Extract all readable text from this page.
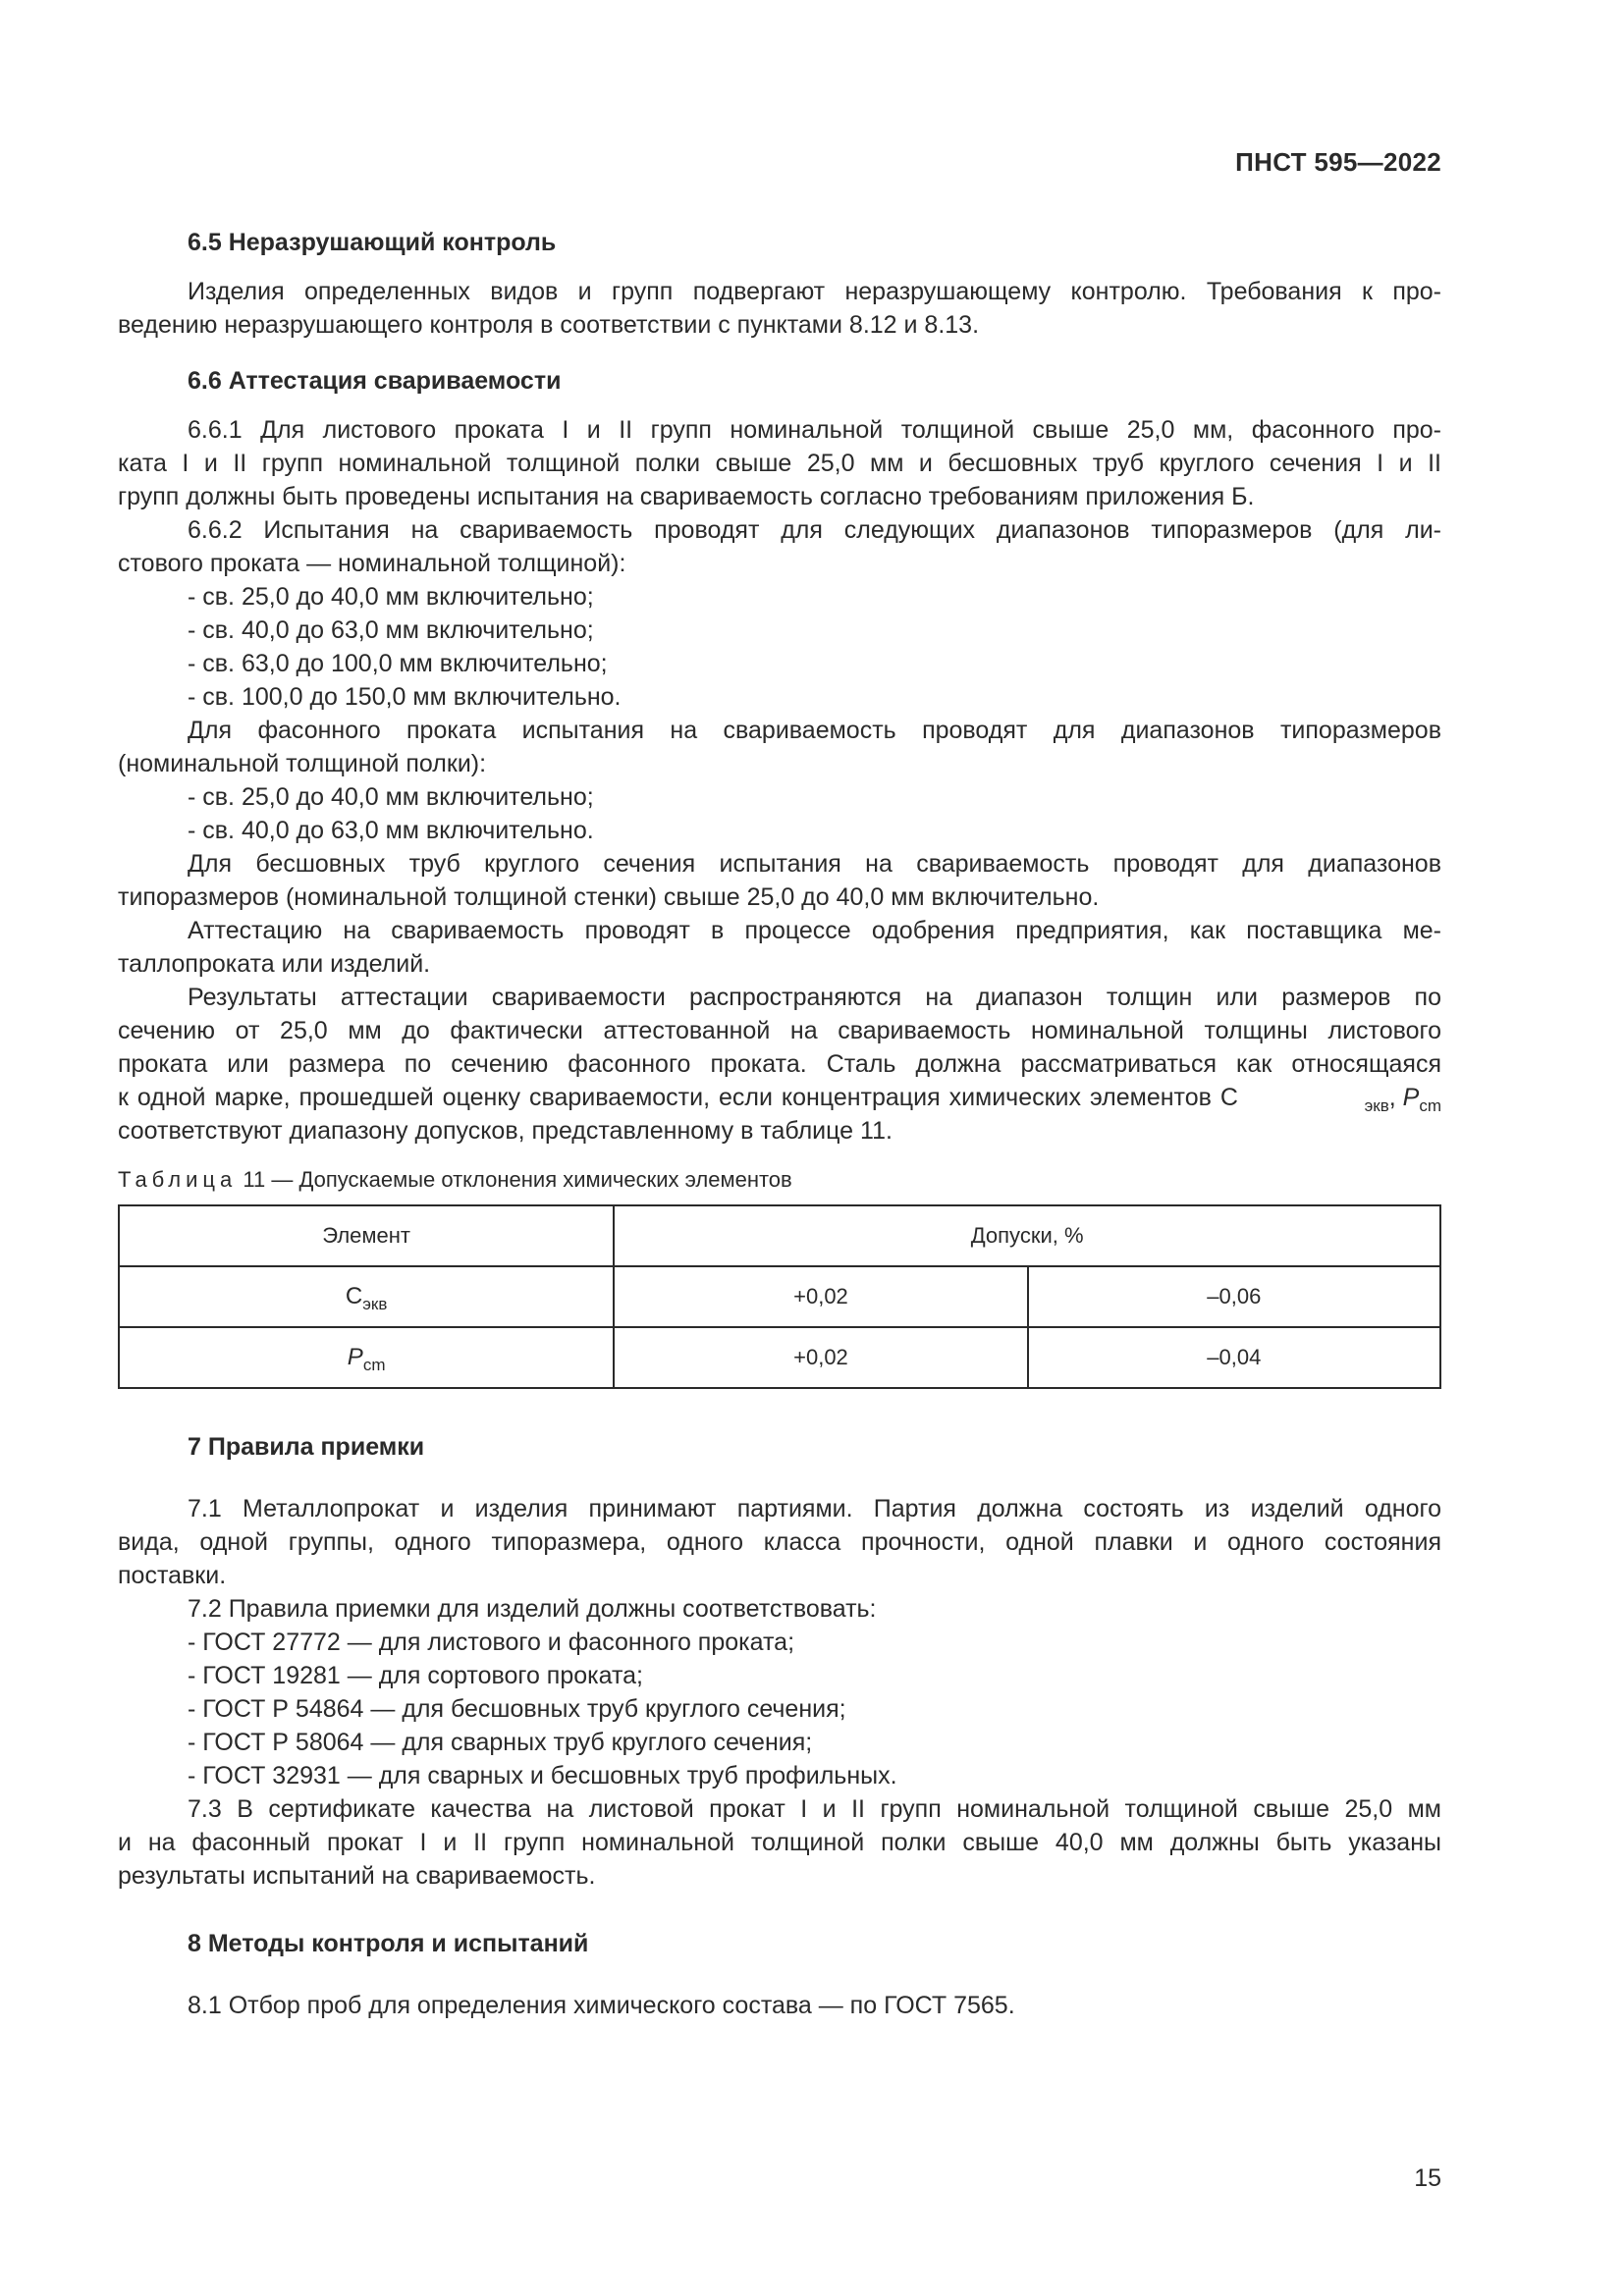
ПНСТ 595—2022
6.5 Неразрушающий контроль
Изделия определенных видов и групп подвергают неразрушающему контролю. Требования к про-
ведению неразрушающего контроля в соответствии с пунктами 8.12 и 8.13.
6.6 Аттестация свариваемости
6.6.1 Для листового проката I и II групп номинальной толщиной свыше 25,0 мм, фасонного про-
ката I и II групп номинальной толщиной полки свыше 25,0 мм и бесшовных труб круглого сечения I и II
групп должны быть проведены испытания на свариваемость согласно требованиям приложения Б.
6.6.2 Испытания на свариваемость проводят для следующих диапазонов типоразмеров (для ли-
стового проката — номинальной толщиной):
- св. 25,0 до 40,0 мм включительно;
- св. 40,0 до 63,0 мм включительно;
- св. 63,0 до 100,0 мм включительно;
- св. 100,0 до 150,0 мм включительно.
Для фасонного проката испытания на свариваемость проводят для диапазонов типоразмеров
(номинальной толщиной полки):
- св. 25,0 до 40,0 мм включительно;
- св. 40,0 до 63,0 мм включительно.
Для бесшовных труб круглого сечения испытания на свариваемость проводят для диапазонов
типоразмеров (номинальной толщиной стенки) свыше 25,0 до 40,0 мм включительно.
Аттестацию на свариваемость проводят в процессе одобрения предприятия, как поставщика ме-
таллопроката или изделий.
Результаты аттестации свариваемости распространяются на диапазон толщин или размеров по
сечению от 25,0 мм до фактически аттестованной на свариваемость номинальной толщины листового
проката или размера по сечению фасонного проката. Сталь должна рассматриваться как относящаяся
к одной марке, прошедшей оценку свариваемости, если концентрация химических элементов С	$_{экв}$, $P_{cm}$
соответствуют диапазону допусков, представленному в таблице 11.
Таблица 11 — Допускаемые отклонения химических элементов
Элемент	Допуски, %	
$С_{экв}$	+0,02	–0,06
$P_{cm}$	+0,02	–0,04
7 Правила приемки
7.1 Металлопрокат и изделия принимают партиями. Партия должна состоять из изделий одного
вида, одной группы, одного типоразмера, одного класса прочности, одной плавки и одного состояния
поставки.
7.2 Правила приемки для изделий должны соответствовать:
- ГОСТ 27772 — для листового и фасонного проката;
- ГОСТ 19281 — для сортового проката;
- ГОСТ Р 54864 — для бесшовных труб круглого сечения;
- ГОСТ Р 58064 — для сварных труб круглого сечения;
- ГОСТ 32931 — для сварных и бесшовных труб профильных.
7.3 В сертификате качества на листовой прокат I и II групп номинальной толщиной свыше 25,0 мм
и на фасонный прокат I и II групп номинальной толщиной полки свыше 40,0 мм должны быть указаны
результаты испытаний на свариваемость.
8 Методы контроля и испытаний
8.1 Отбор проб для определения химического состава — по ГОСТ 7565.
15
